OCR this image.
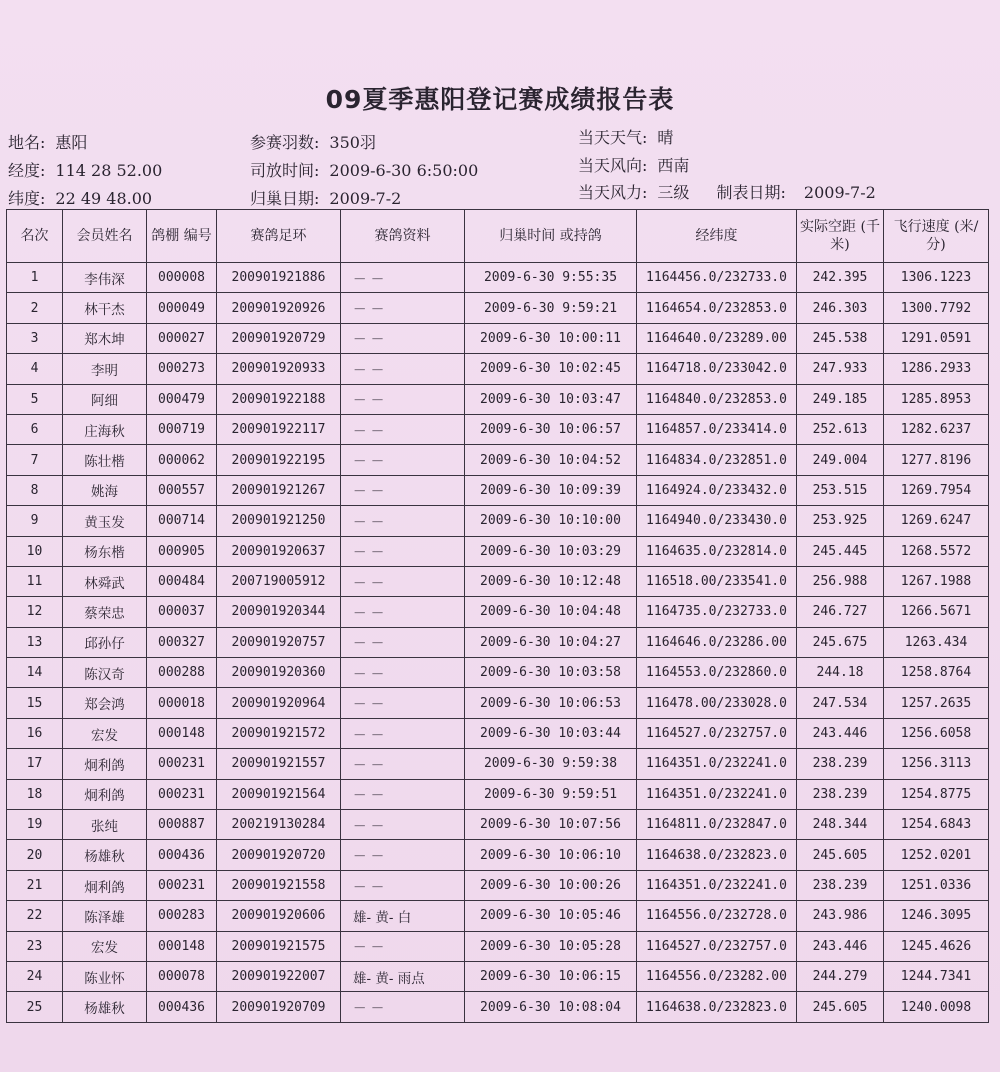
09夏季惠阳登记赛成绩报告表
地名: 惠阳
经度: 114 28 52.00
纬度: 22 49 48.00
参赛羽数: 350羽
司放时间: 2009-6-30 6:50:00
归巢日期: 2009-7-2
当天天气: 晴
当天风向: 西南
当天风力: 三级 制表日期: 2009-7-2
名次	会员姓名	鸽棚 编号	赛鸽足环	赛鸽资料	归巢时间 或持鸽	经纬度	实际空距 (千米)	飞行速度 (米/分)
1	李伟深	000008	200901921886	－ －	2009-6-30 9:55:35	1164456.0/232733.0	242.395	1306.1223
2	林干杰	000049	200901920926	－ －	2009-6-30 9:59:21	1164654.0/232853.0	246.303	1300.7792
3	郑木坤	000027	200901920729	－ －	2009-6-30 10:00:11	1164640.0/23289.00	245.538	1291.0591
4	李明	000273	200901920933	－ －	2009-6-30 10:02:45	1164718.0/233042.0	247.933	1286.2933
5	阿细	000479	200901922188	－ －	2009-6-30 10:03:47	1164840.0/232853.0	249.185	1285.8953
6	庄海秋	000719	200901922117	－ －	2009-6-30 10:06:57	1164857.0/233414.0	252.613	1282.6237
7	陈壮楷	000062	200901922195	－ －	2009-6-30 10:04:52	1164834.0/232851.0	249.004	1277.8196
8	姚海	000557	200901921267	－ －	2009-6-30 10:09:39	1164924.0/233432.0	253.515	1269.7954
9	黄玉发	000714	200901921250	－ －	2009-6-30 10:10:00	1164940.0/233430.0	253.925	1269.6247
10	杨东楷	000905	200901920637	－ －	2009-6-30 10:03:29	1164635.0/232814.0	245.445	1268.5572
11	林舜武	000484	200719005912	－ －	2009-6-30 10:12:48	116518.00/233541.0	256.988	1267.1988
12	蔡荣忠	000037	200901920344	－ －	2009-6-30 10:04:48	1164735.0/232733.0	246.727	1266.5671
13	邱孙仔	000327	200901920757	－ －	2009-6-30 10:04:27	1164646.0/23286.00	245.675	1263.434
14	陈汉奇	000288	200901920360	－ －	2009-6-30 10:03:58	1164553.0/232860.0	244.18	1258.8764
15	郑会鸿	000018	200901920964	－ －	2009-6-30 10:06:53	116478.00/233028.0	247.534	1257.2635
16	宏发	000148	200901921572	－ －	2009-6-30 10:03:44	1164527.0/232757.0	243.446	1256.6058
17	炯利鸽	000231	200901921557	－ －	2009-6-30 9:59:38	1164351.0/232241.0	238.239	1256.3113
18	炯利鸽	000231	200901921564	－ －	2009-6-30 9:59:51	1164351.0/232241.0	238.239	1254.8775
19	张纯	000887	200219130284	－ －	2009-6-30 10:07:56	1164811.0/232847.0	248.344	1254.6843
20	杨雄秋	000436	200901920720	－ －	2009-6-30 10:06:10	1164638.0/232823.0	245.605	1252.0201
21	炯利鸽	000231	200901921558	－ －	2009-6-30 10:00:26	1164351.0/232241.0	238.239	1251.0336
22	陈泽雄	000283	200901920606	雄- 黄- 白	2009-6-30 10:05:46	1164556.0/232728.0	243.986	1246.3095
23	宏发	000148	200901921575	－ －	2009-6-30 10:05:28	1164527.0/232757.0	243.446	1245.4626
24	陈业怀	000078	200901922007	雄- 黄- 雨点	2009-6-30 10:06:15	1164556.0/23282.00	244.279	1244.7341
25	杨雄秋	000436	200901920709	－ －	2009-6-30 10:08:04	1164638.0/232823.0	245.605	1240.0098
